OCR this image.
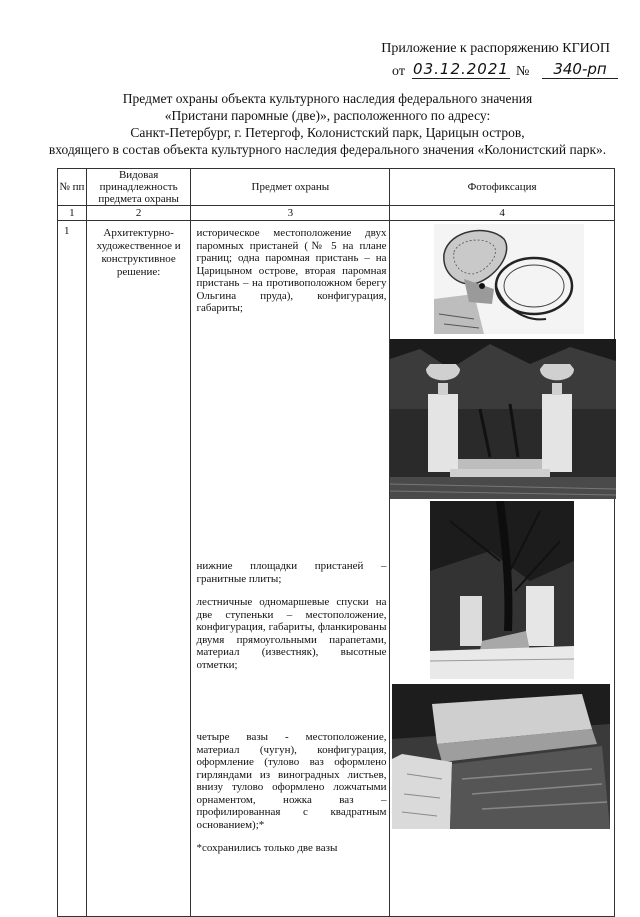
Приложение к распоряжению КГИОП
от 03.12.2021 №	340-рп
Предмет охраны объекта культурного наследия федерального значения
«Пристани паромные (две)», расположенного по адресу:
Санкт-Петербург, г. Петергоф, Колонистский парк, Царицын остров,
входящего в состав объекта культурного наследия федерального значения «Колонистский парк».
№ пп	Видовая принадлежность предмета охраны	Предмет охраны	Фотофиксация
1	2	3	4
1	Архитектурно-художественное и конструктивное решение:	историческое местоположение двух паромных пристаней (№ 5 на плане границ; одна паромная пристань – на Царицыном острове, вторая паромная пристань – на противоположном берегу Ольгина пруда), конфигурация, габариты;
нижние площадки пристаней – гранитные плиты;
лестничные одномаршевые спуски на две ступеньки – местоположение, конфигурация, габариты, фланкированы двумя прямоугольными парапетами, материал (известняк), высотные отметки;
четыре вазы - местоположение, материал (чугун), конфигурация, оформление (тулово ваз оформлено гирляндами из виноградных листьев, внизу тулово оформлено ложчатыми орнаментом, ножка ваз – профилированная с квадратным основанием);*
*сохранились только две вазы
